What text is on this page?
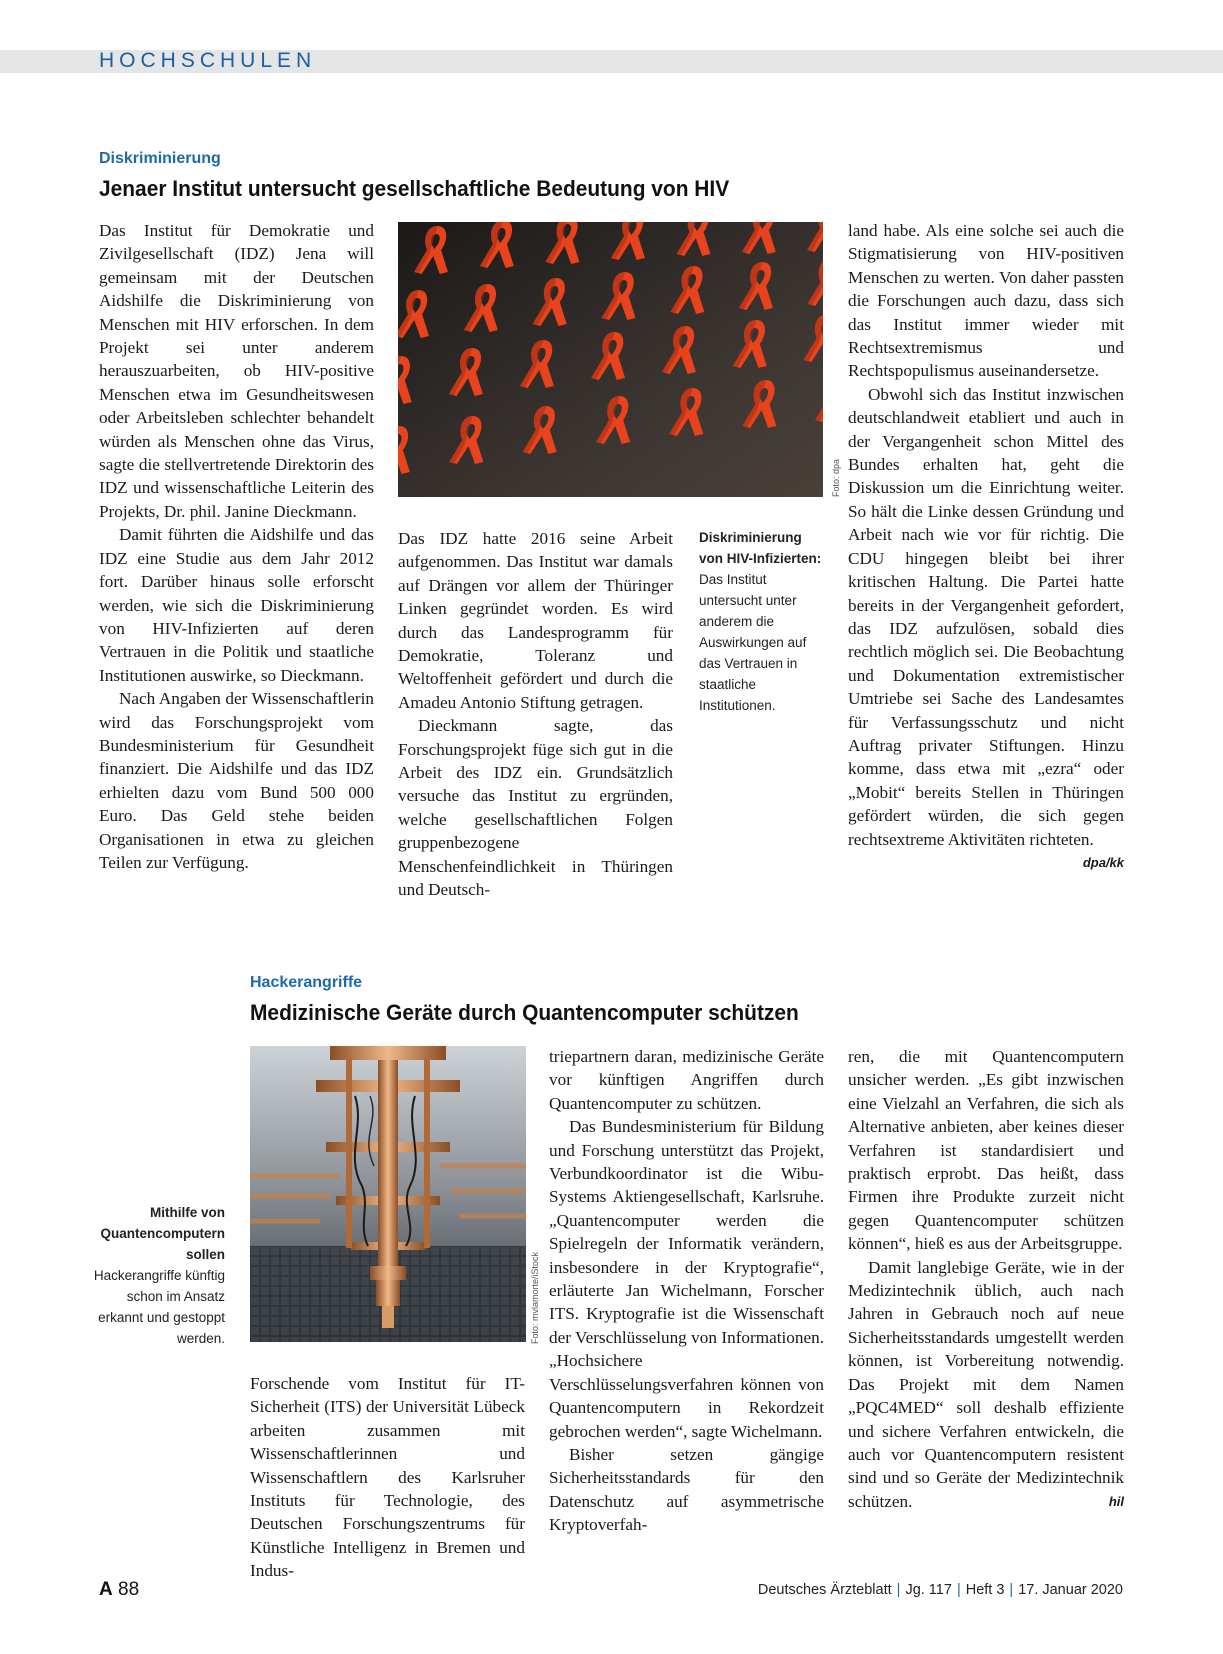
HOCHSCHULEN
Diskriminierung
Jenaer Institut untersucht gesellschaftliche Bedeutung von HIV

Das Institut für Demokratie und Zivilgesellschaft (IDZ) Jena will gemeinsam mit der Deutschen Aidshilfe die Diskriminierung von Menschen mit HIV erforschen. In dem Projekt sei unter anderem herauszuarbeiten, ob HIV-positive Menschen etwa im Gesundheitswesen oder Arbeitsleben schlechter behandelt würden als Menschen ohne das Virus, sagte die stellvertretende Direktorin des IDZ und wissenschaftliche Leiterin des Projekts, Dr. phil. Janine Dieckmann.

Damit führten die Aidshilfe und das IDZ eine Studie aus dem Jahr 2012 fort. Darüber hinaus solle erforscht werden, wie sich die Diskriminierung von HIV-Infizierten auf deren Vertrauen in die Politik und staatliche Institutionen auswirke, so Dieckmann.

Nach Angaben der Wissenschaftlerin wird das Forschungsprojekt vom Bundesministerium für Gesundheit finanziert. Die Aidshilfe und das IDZ erhielten dazu vom Bund 500 000 Euro. Das Geld stehe beiden Organisationen in etwa zu gleichen Teilen zur Verfügung.

Foto: dpa

Das IDZ hatte 2016 seine Arbeit aufgenommen. Das Institut war damals auf Drängen vor allem der Thüringer Linken gegründet worden. Es wird durch das Landesprogramm für Demokratie, Toleranz und Weltoffenheit gefördert und durch die Amadeu Antonio Stiftung getragen.

Dieckmann sagte, das Forschungsprojekt füge sich gut in die Arbeit des IDZ ein. Grundsätzlich versuche das Institut zu ergründen, welche gesellschaftlichen Folgen gruppenbezogene Menschenfeindlichkeit in Thüringen und Deutsch-

Diskriminierung von HIV-Infizierten:
Das Institut untersucht unter anderem die Auswirkungen auf das Vertrauen in staatliche Institutionen.

land habe. Als eine solche sei auch die Stigmatisierung von HIV-positiven Menschen zu werten. Von daher passten die Forschungen auch dazu, dass sich das Institut immer wieder mit Rechtsextremismus und Rechtspopulismus auseinandersetze.

Obwohl sich das Institut inzwischen deutschlandweit etabliert und auch in der Vergangenheit schon Mittel des Bundes erhalten hat, geht die Diskussion um die Einrichtung weiter. So hält die Linke dessen Gründung und Arbeit nach wie vor für richtig. Die CDU hingegen bleibt bei ihrer kritischen Haltung. Die Partei hatte bereits in der Vergangenheit gefordert, das IDZ aufzulösen, sobald dies rechtlich möglich sei. Die Beobachtung und Dokumentation extremistischer Umtriebe sei Sache des Landesamtes für Verfassungsschutz und nicht Auftrag privater Stiftungen. Hinzu komme, dass etwa mit „ezra“ oder „Mobit“ bereits Stellen in Thüringen gefördert würden, die sich gegen rechtsextreme Aktivitäten richteten.
dpa/kk

Hackerangriffe
Medizinische Geräte durch Quantencomputer schützen
Foto: mvlamorte/iStock
Mithilfe von Quantencomputern sollen
Hackerangriffe künftig schon im Ansatz erkannt und gestoppt werden.

Forschende vom Institut für IT-Sicherheit (ITS) der Universität Lübeck arbeiten zusammen mit Wissenschaftlerinnen und Wissenschaftlern des Karlsruher Instituts für Technologie, des Deutschen Forschungszentrums für Künstliche Intelligenz in Bremen und Indus-

triepartnern daran, medizinische Geräte vor künftigen Angriffen durch Quantencomputer zu schützen.

Das Bundesministerium für Bildung und Forschung unterstützt das Projekt, Verbundkoordinator ist die Wibu-Systems Aktiengesellschaft, Karlsruhe. „Quantencomputer werden die Spielregeln der Informatik verändern, insbesondere in der Kryptografie“, erläuterte Jan Wichelmann, Forscher ITS. Kryptografie ist die Wissenschaft der Verschlüsselung von Informationen. „Hochsichere Verschlüsselungsverfahren können von Quantencomputern in Rekordzeit gebrochen werden“, sagte Wichelmann.

Bisher setzen gängige Sicherheitsstandards für den Datenschutz auf asymmetrische Kryptoverfah-

ren, die mit Quantencomputern unsicher werden. „Es gibt inzwischen eine Vielzahl an Verfahren, die sich als Alternative anbieten, aber keines dieser Verfahren ist standardisiert und praktisch erprobt. Das heißt, dass Firmen ihre Produkte zurzeit nicht gegen Quantencomputer schützen können“, hieß es aus der Arbeitsgruppe.

Damit langlebige Geräte, wie in der Medizintechnik üblich, auch nach Jahren in Gebrauch noch auf neue Sicherheitsstandards umgestellt werden können, ist Vorbereitung notwendig. Das Projekt mit dem Namen „PQC4MED“ soll deshalb effiziente und sichere Verfahren entwickeln, die auch vor Quantencomputern resistent sind und so Geräte der Medizintechnik schützen.	hil

A 88	Deutsches Ärzteblatt | Jg. 117 | Heft 3 | 17. Januar 2020
